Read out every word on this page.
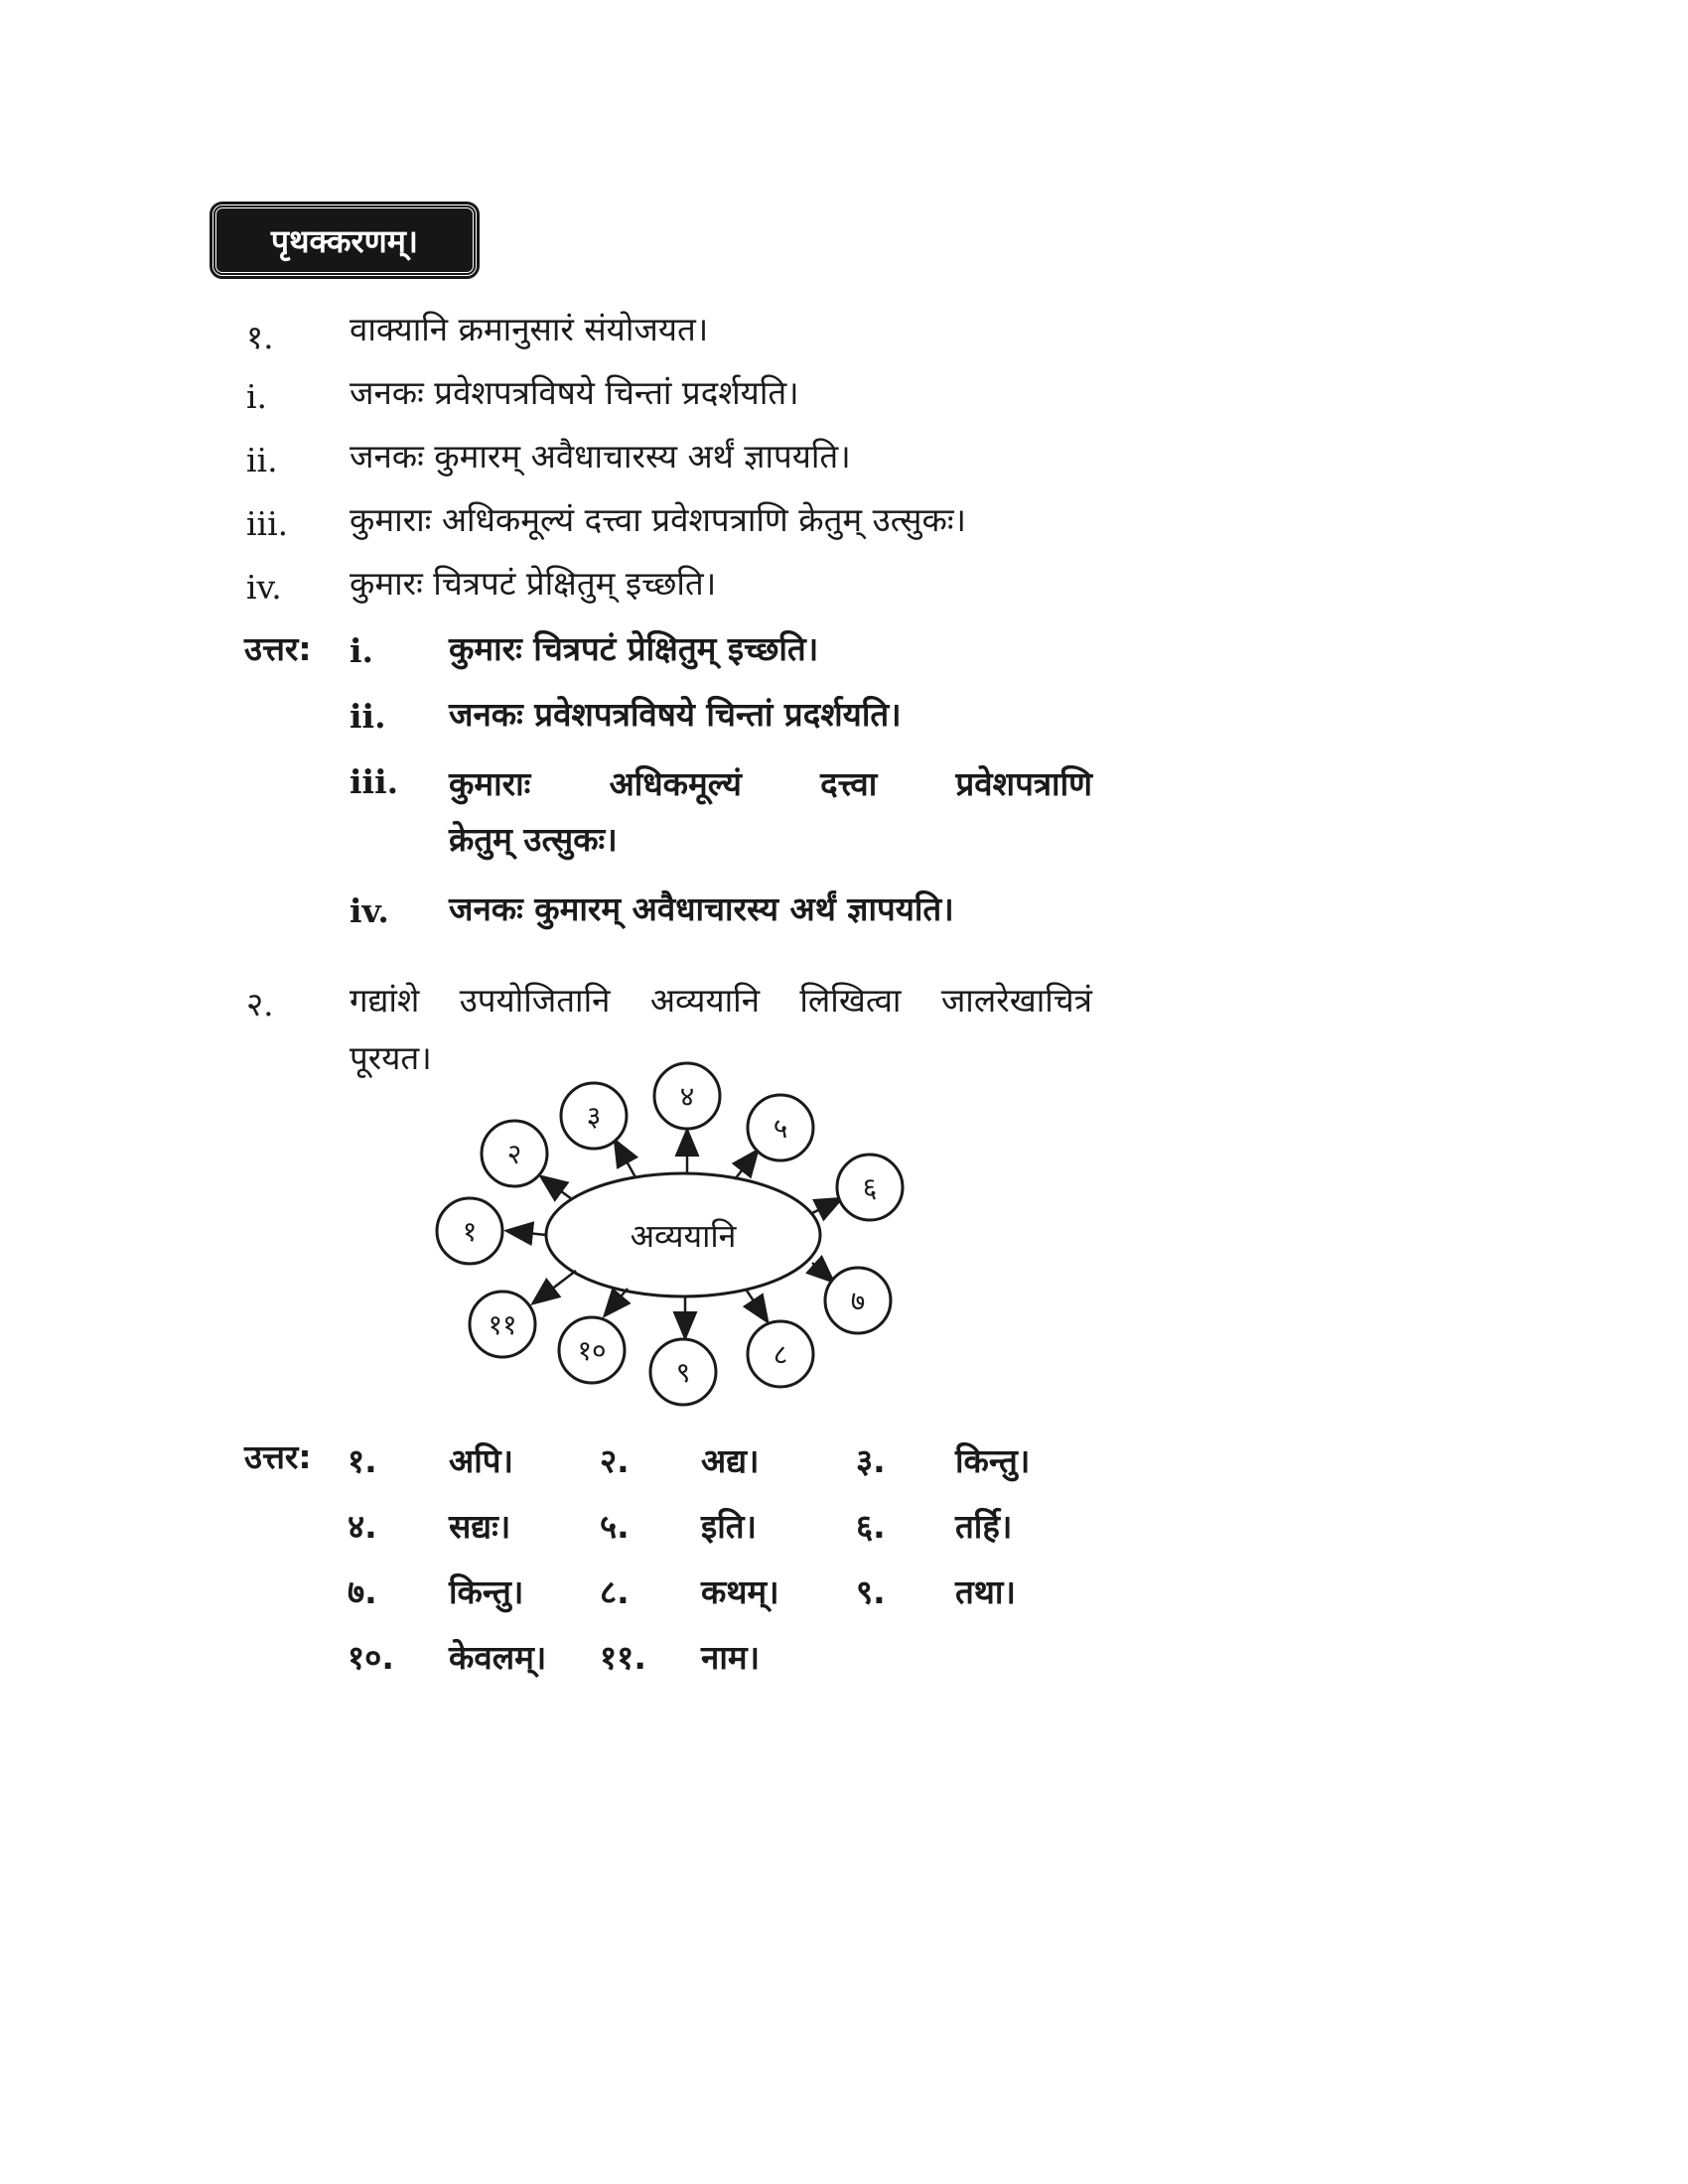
पृथक्करणम्।
१. वाक्यानि क्रमानुसारं संयोजयत।
i.	जनकः प्रवेशपत्रविषये चिन्तां प्रदर्शयति।
ii. जनकः कुमारम् अवैधाचारस्य अर्थं ज्ञापयति।
iii. कुमाराः अधिकमूल्यं दत्त्वा प्रवेशपत्राणि क्रेतुम् उत्सुकः।
iv. कुमारः चित्रपटं प्रेक्षितुम् इच्छति।
उत्तर: i. कुमारः चित्रपटं प्रेक्षितुम् इच्छति।
ii. जनकः प्रवेशपत्रविषये चिन्तां प्रदर्शयति।
iii. कुमाराः अधिकमूल्यं दत्त्वा प्रवेशपत्राणि
क्रेतुम् उत्सुकः।
iv. जनकः कुमारम् अवैधाचारस्य अर्थं ज्ञापयति।
२. गद्यांशे उपयोजितानि अव्ययानि लिखित्वा जालरेखाचित्रं
पूरयत।
अव्ययानि
१
२
३
४
५
६
७
८
९
१०
११
उत्तर: १. अपि।	२. अद्य।	३. किन्तु।
४. सद्यः।	५. इति।	६. तर्हि।
७. किन्तु। ८. कथम्। ९. तथा।
१०. केवलम्। ११. नाम।
